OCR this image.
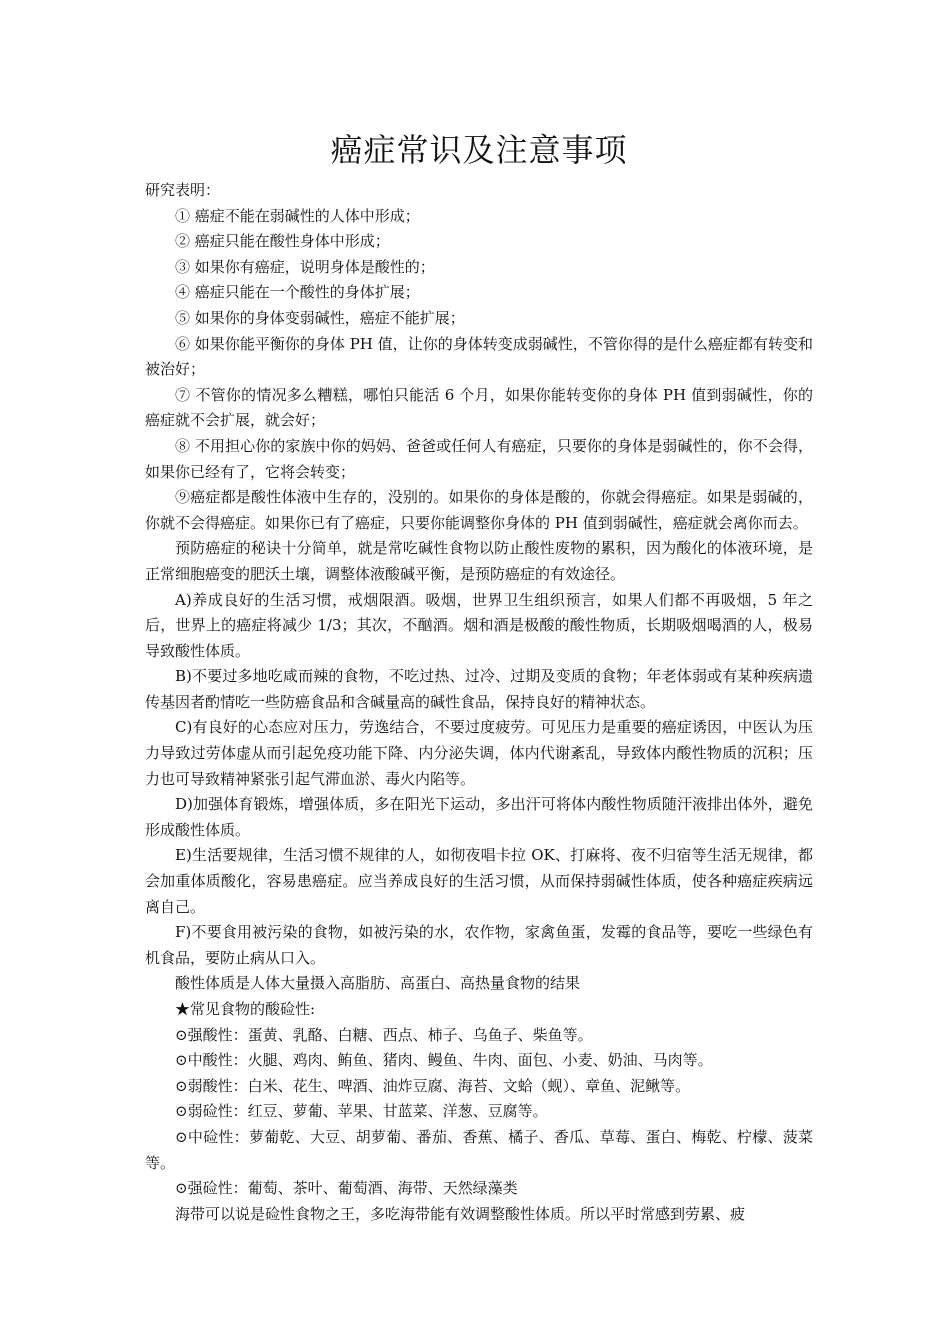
癌症常识及注意事项

研究表明：

① 癌症不能在弱碱性的人体中形成；

② 癌症只能在酸性身体中形成；

③ 如果你有癌症，说明身体是酸性的；

④ 癌症只能在一个酸性的身体扩展；

⑤ 如果你的身体变弱碱性，癌症不能扩展；

⑥ 如果你能平衡你的身体 PH 值，让你的身体转变成弱碱性，不管你得的是什么癌症都有转变和被治好；

⑦ 不管你的情况多么糟糕，哪怕只能活 6 个月，如果你能转变你的身体 PH 值到弱碱性，你的癌症就不会扩展，就会好；

⑧ 不用担心你的家族中你的妈妈、爸爸或任何人有癌症，只要你的身体是弱碱性的，你不会得，如果你已经有了，它将会转变；

⑨癌症都是酸性体液中生存的，没别的。如果你的身体是酸的，你就会得癌症。如果是弱碱的，你就不会得癌症。如果你已有了癌症，只要你能调整你身体的 PH 值到弱碱性，癌症就会离你而去。

预防癌症的秘诀十分简单，就是常吃碱性食物以防止酸性废物的累积，因为酸化的体液环境，是正常细胞癌变的肥沃土壤，调整体液酸碱平衡，是预防癌症的有效途径。

A)养成良好的生活习惯，戒烟限酒。吸烟，世界卫生组织预言，如果人们都不再吸烟，5 年之后，世界上的癌症将减少 1/3；其次，不酗酒。烟和酒是极酸的酸性物质，长期吸烟喝酒的人，极易导致酸性体质。

B)不要过多地吃咸而辣的食物，不吃过热、过冷、过期及变质的食物；年老体弱或有某种疾病遗传基因者酌情吃一些防癌食品和含碱量高的碱性食品，保持良好的精神状态。

C)有良好的心态应对压力，劳逸结合，不要过度疲劳。可见压力是重要的癌症诱因，中医认为压力导致过劳体虚从而引起免疫功能下降、内分泌失调，体内代谢紊乱，导致体内酸性物质的沉积；压力也可导致精神紧张引起气滞血淤、毒火内陷等。

D)加强体育锻炼，增强体质，多在阳光下运动，多出汗可将体内酸性物质随汗液排出体外，避免形成酸性体质。

E)生活要规律，生活习惯不规律的人，如彻夜唱卡拉 OK、打麻将、夜不归宿等生活无规律，都会加重体质酸化，容易患癌症。应当养成良好的生活习惯，从而保持弱碱性体质，使各种癌症疾病远离自己。

F)不要食用被污染的食物，如被污染的水，农作物，家禽鱼蛋，发霉的食品等，要吃一些绿色有机食品，要防止病从口入。

酸性体质是人体大量摄入高脂肪、高蛋白、高热量食物的结果

★常见食物的酸硷性:

⊙强酸性：蛋黄、乳酪、白糖、西点、柿子、乌鱼子、柴鱼等。

⊙中酸性：火腿、鸡肉、鲔鱼、猪肉、鳗鱼、牛肉、面包、小麦、奶油、马肉等。

⊙弱酸性：白米、花生、啤酒、油炸豆腐、海苔、文蛤（蚬）、章鱼、泥鳅等。

⊙弱硷性：红豆、萝葡、苹果、甘蓝菜、洋葱、豆腐等。

⊙中硷性：萝葡乾、大豆、胡萝葡、番茄、香蕉、橘子、香瓜、草莓、蛋白、梅乾、柠檬、菠菜等。

⊙强硷性：葡萄、茶叶、葡萄酒、海带、天然绿藻类

海带可以说是硷性食物之王，多吃海带能有效调整酸性体质。所以平时常感到劳累、疲
